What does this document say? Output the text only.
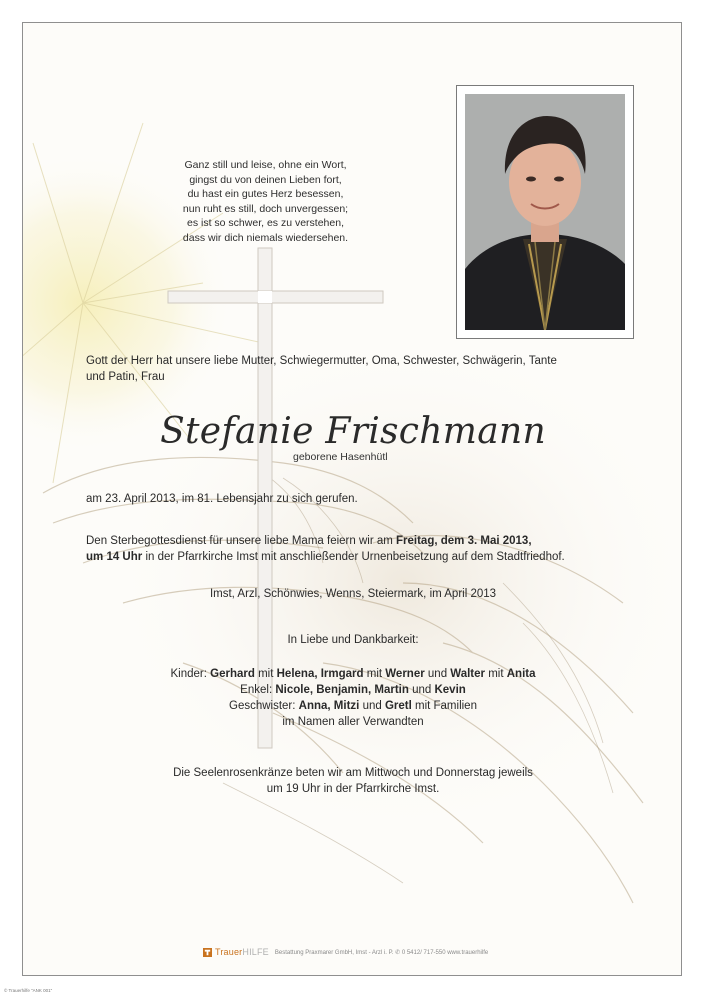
Ganz still und leise, ohne ein Wort,
gingst du von deinen Lieben fort,
du hast ein gutes Herz besessen,
nun ruht es still, doch unvergessen;
es ist so schwer, es zu verstehen,
dass wir dich niemals wiedersehen.
Gott der Herr hat unsere liebe Mutter, Schwiegermutter, Oma, Schwester, Schwägerin, Tante
und Patin, Frau
Stefanie Frischmann
geborene Hasenhütl
am 23. April 2013, im 81. Lebensjahr zu sich gerufen.
Den Sterbegottesdienst für unsere liebe Mama feiern wir am Freitag, dem 3. Mai 2013,
um 14 Uhr in der Pfarrkirche Imst mit anschließender Urnenbeisetzung auf dem Stadtfriedhof.
Imst, Arzl, Schönwies, Wenns, Steiermark, im April 2013
In Liebe und Dankbarkeit:
Kinder: Gerhard mit Helena, Irmgard mit Werner und Walter mit Anita
Enkel: Nicole, Benjamin, Martin und Kevin
Geschwister: Anna, Mitzi und Gretl mit Familien
im Namen aller Verwandten
Die Seelenrosenkränze beten wir am Mittwoch und Donnerstag jeweils
um 19 Uhr in der Pfarrkirche Imst.
TrauerHILFE Bestattung Praxmarer GmbH, Imst - Arzl i. P. ✆ 0 5412/ 717-550 www.trauerhilfe
© Trauerhilfe "ANK 001"
